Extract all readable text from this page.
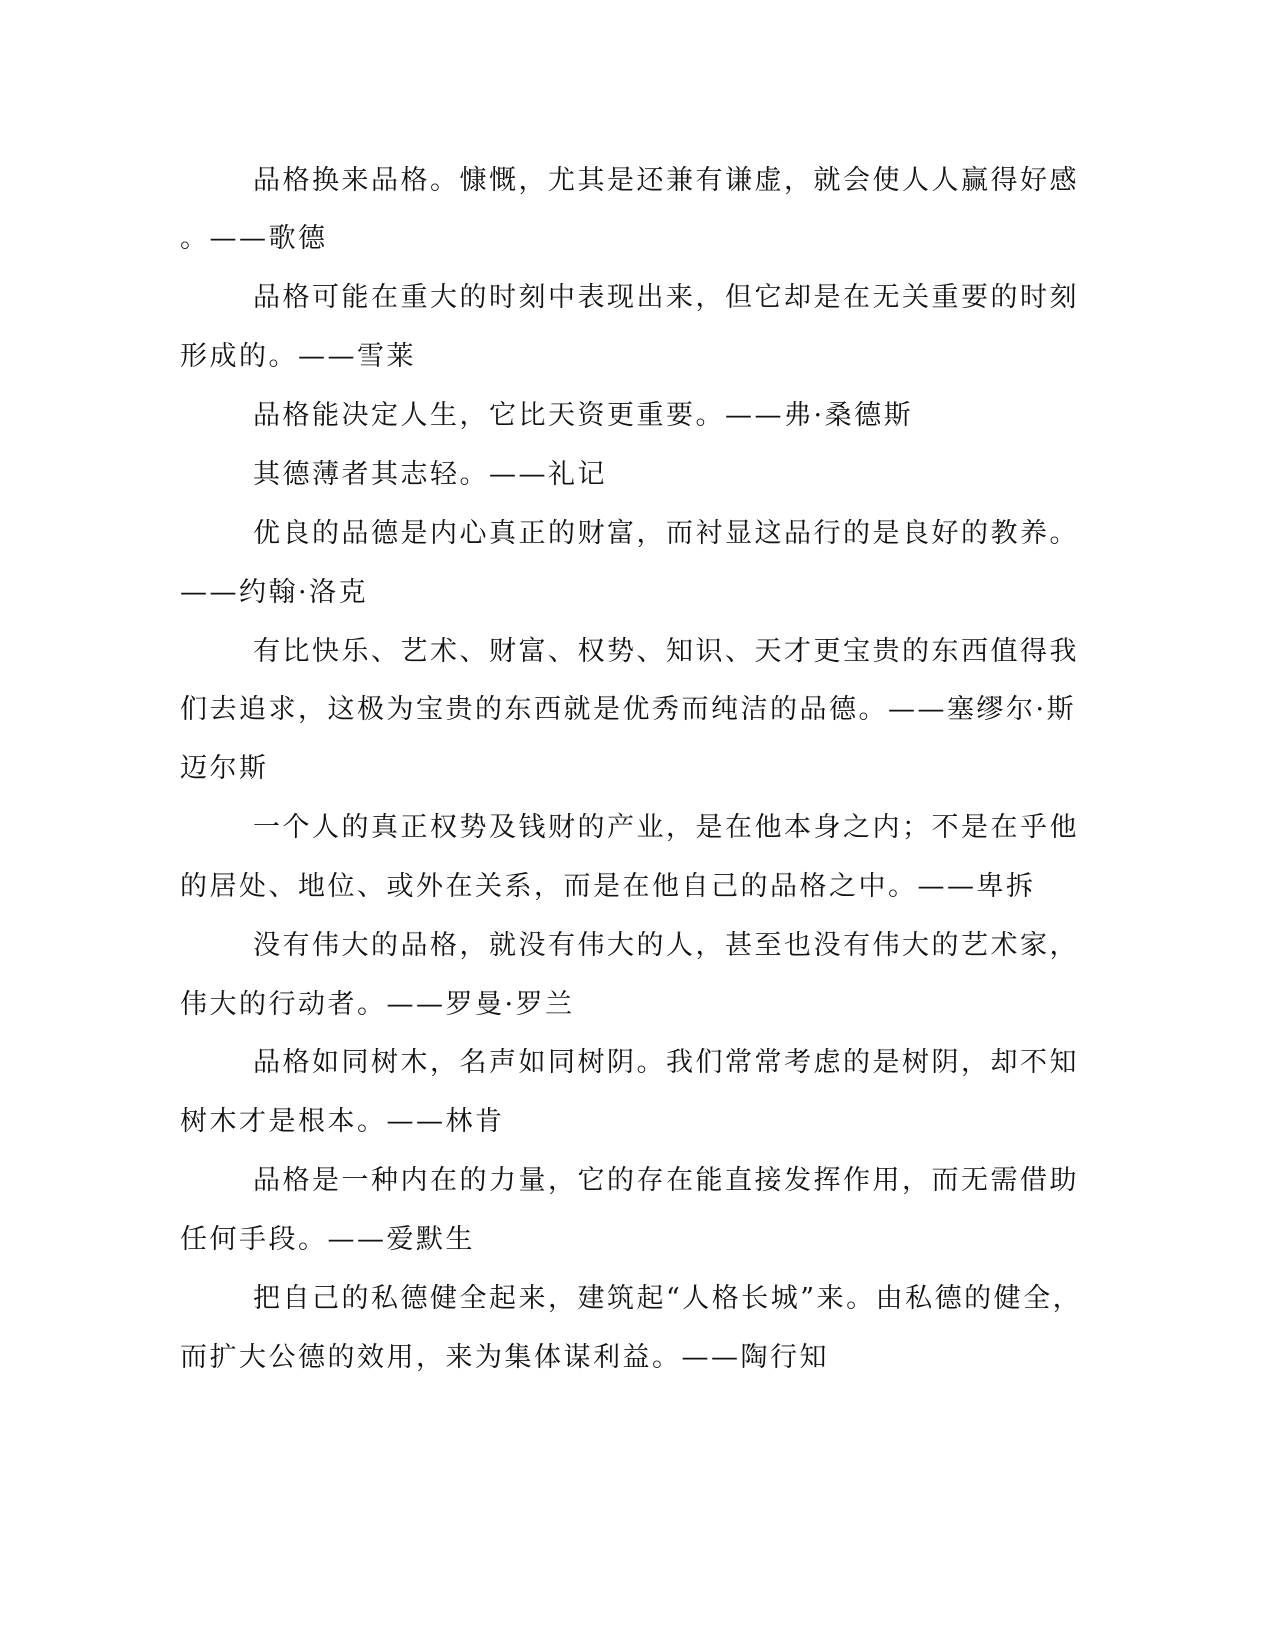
品格换来品格。慷慨，尤其是还兼有谦虚，就会使人人赢得好感
。——歌德
品格可能在重大的时刻中表现出来，但它却是在无关重要的时刻
形成的。——雪莱
品格能决定人生，它比天资更重要。——弗·桑德斯
其德薄者其志轻。——礼记
优良的品德是内心真正的财富，而衬显这品行的是良好的教养。
——约翰·洛克
有比快乐、艺术、财富、权势、知识、天才更宝贵的东西值得我
们去追求，这极为宝贵的东西就是优秀而纯洁的品德。——塞缪尔·斯
迈尔斯
一个人的真正权势及钱财的产业，是在他本身之内；不是在乎他
的居处、地位、或外在关系，而是在他自己的品格之中。——卑拆
没有伟大的品格，就没有伟大的人，甚至也没有伟大的艺术家，
伟大的行动者。——罗曼·罗兰
品格如同树木，名声如同树阴。我们常常考虑的是树阴，却不知
树木才是根本。——林肯
品格是一种内在的力量，它的存在能直接发挥作用，而无需借助
任何手段。——爱默生
把自己的私德健全起来，建筑起“人格长城”来。由私德的健全，
而扩大公德的效用，来为集体谋利益。——陶行知
